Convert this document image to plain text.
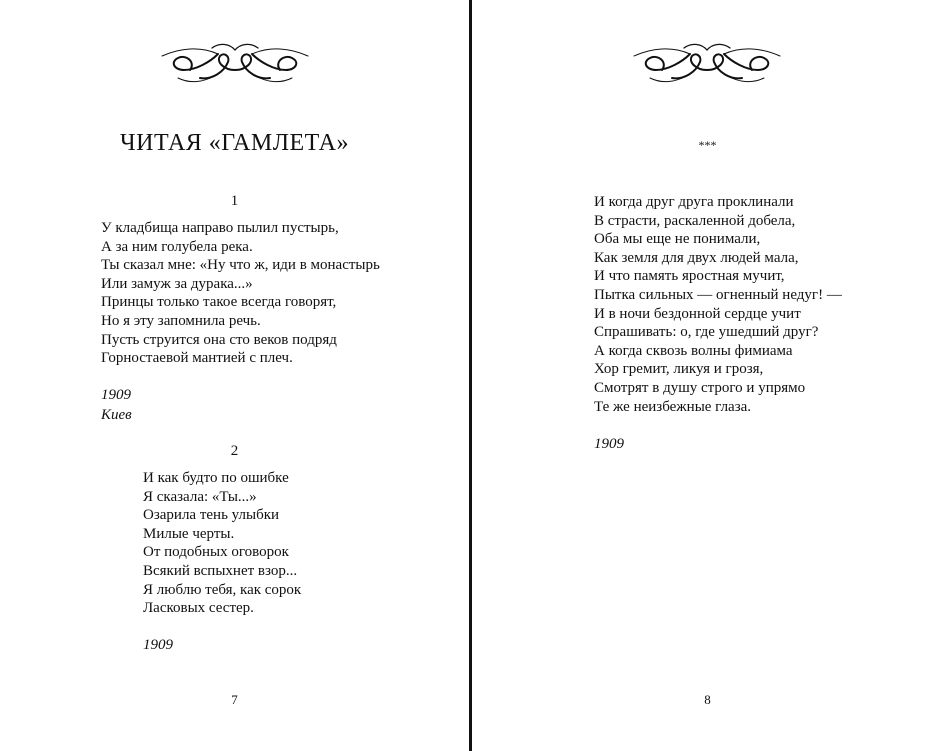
ЧИТАЯ «ГАМЛЕТА»
1
У кладбища направо пылил пустырь,
А за ним голубела река.
Ты сказал мне: «Ну что ж, иди в монастырь
Или замуж за дурака...»
Принцы только такое всегда говорят,
Но я эту запомнила речь.
Пусть струится она сто веков подряд
Горностаевой мантией с плеч.
1909
Киев
2
И как будто по ошибке
Я сказала: «Ты...»
Озарила тень улыбки
Милые черты.
От подобных оговорок
Всякий вспыхнет взор...
Я люблю тебя, как сорок
Ласковых сестер.
1909
7
***
И когда друг друга проклинали
В страсти, раскаленной добела,
Оба мы еще не понимали,
Как земля для двух людей мала,
И что память яростная мучит,
Пытка сильных — огненный недуг! —
И в ночи бездонной сердце учит
Спрашивать: о, где ушедший друг?
А когда сквозь волны фимиама
Хор гремит, ликуя и грозя,
Смотрят в душу строго и упрямо
Те же неизбежные глаза.
1909
8
